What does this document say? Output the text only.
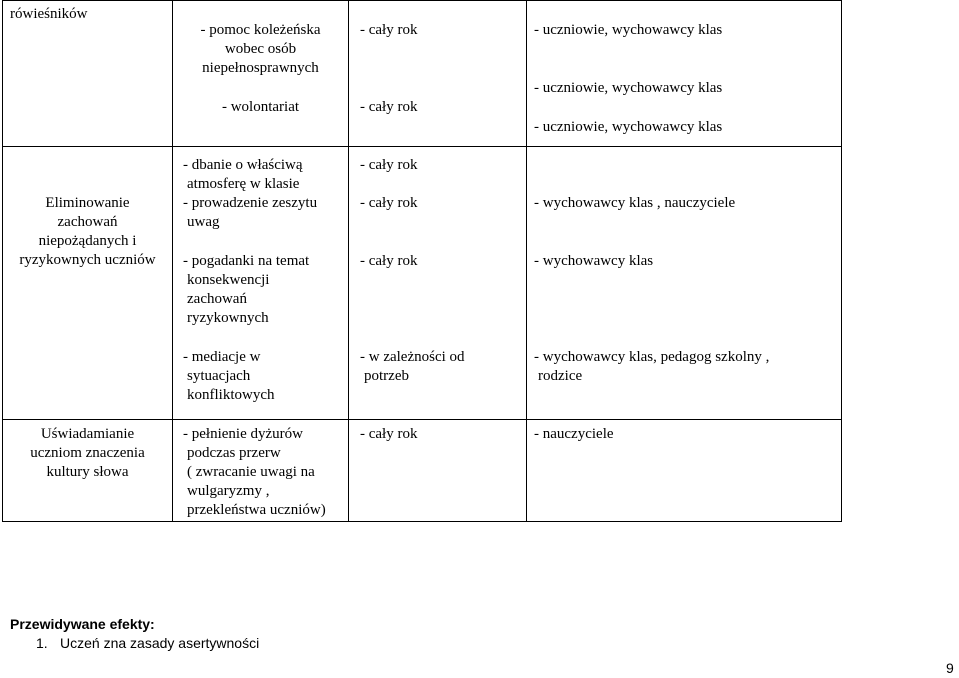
rówieśników
- pomoc koleżeńska
wobec osób
niepełnosprawnych
- wolontariat
- cały rok
- cały rok
- uczniowie, wychowawcy klas
- uczniowie, wychowawcy klas
- uczniowie, wychowawcy klas
Eliminowanie
zachowań
niepożądanych i
ryzykownych uczniów
- dbanie o właściwą
atmosferę w klasie
- prowadzenie zeszytu
uwag
- pogadanki na temat
konsekwencji
zachowań
ryzykownych
- cały rok
- cały rok
- cały rok
- wychowawcy klas , nauczyciele
- wychowawcy klas
- mediacje w
sytuacjach
konfliktowych
- w zależności od
potrzeb
- wychowawcy klas, pedagog szkolny ,
rodzice
Uświadamianie
uczniom znaczenia
kultury słowa
- pełnienie dyżurów
podczas przerw
( zwracanie uwagi na
wulgaryzmy ,
przekleństwa uczniów)
- cały rok	- nauczyciele
Przewidywane efekty:
1. Uczeń zna zasady asertywności
9
